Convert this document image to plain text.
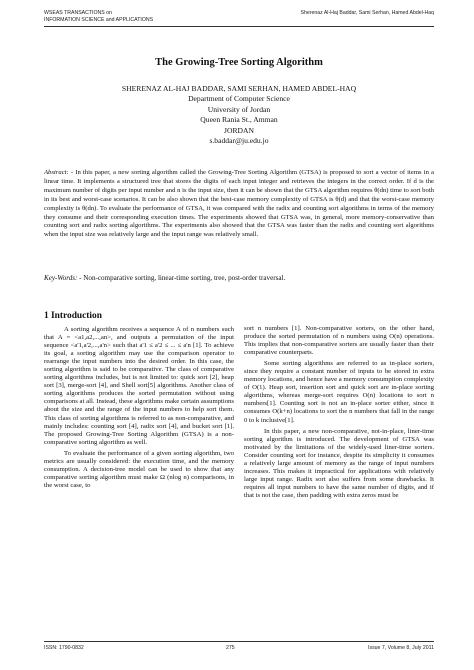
WSEAS TRANSACTIONS on
INFORMATION SCIENCE and APPLICATIONS
Sherenaz Al-Haj Baddar, Sami Serhan, Hamed Abdel-Haq
The Growing-Tree Sorting Algorithm
SHERENAZ AL-HAJ BADDAR, SAMI SERHAN, HAMED ABDEL-HAQ
Department of Computer Science
University of Jordan
Queen Rania St., Amman
JORDAN
s.baddar@ju.edu.jo
Abstract: - In this paper, a new sorting algorithm called the Growing-Tree Sorting Algorithm (GTSA) is proposed to sort a vector of items in a linear time. It implements a structured tree that stores the digits of each input integer and retrieves the integers in the correct order. If d is the maximum number of digits per input number and n is the input size, then it can be shown that the GTSA algorithm requires θ(dn) time to sort both in its best and worst-case scenarios. It can be also shown that the best-case memory complexity of GTSA is θ(d) and that the worst-case memory complexity is θ(dn). To evaluate the performance of GTSA, it was compared with the radix and counting sort algorithms in terms of the memory they consume and their corresponding execution times. The experiments showed that GTSA was, in general, more memory-conservative than counting sort and radix sorting algorithms. The experiments also showed that the GTSA was faster than the radix and counting sort algorithms when the input size was relatively large and the input range was relatively small.
Key-Words: - Non-comparative sorting, linear-time sorting, tree, post-order traversal.
1 Introduction

A sorting algorithm receives a sequence A of n numbers such that A = <a1,a2,...,an>, and outputs a permutation of the input sequence <a'1,a'2,...,a'n> such that a'1 ≤ a'2 ≤ ... ≤ a'n [1]. To achieve its goal, a sorting algorithm may use the comparison operator to rearrange the input numbers into the desired order. In this case, the sorting algorithm is said to be comparative. The class of comparative sorting algorithms includes, but is not limited to: quick sort [2], heap sort [3], merge-sort [4], and Shell sort[5] algorithms. Another class of sorting algorithms produces the sorted permutation without using comparisons at all. Instead, these algorithms make certain assumptions about the size and the range of the input numbers to help sort them. This class of sorting algorithms is referred to as non-comparative, and mainly includes: counting sort [4], radix sort [4], and bucket sort [1]. The proposed Growing-Tree Sorting Algorithm (GTSA) is a non-comparative sorting algorithm as well.

To evaluate the performance of a given sorting algorithm, two metrics are usually considered: the execution time, and the memory consumption. A decision-tree model can be used to show that any comparative sorting algorithm must make Ω (nlog n) comparisons, in the worst case, to

sort n numbers [1]. Non-comparative sorters, on the other hand, produce the sorted permutation of n numbers using O(n) operations. This implies that non-comparative sorters are usually faster than their comparative counterparts.

Some sorting algorithms are referred to as in-place sorters, since they require a constant number of inputs to be stored in extra memory locations, and hence have a memory consumption complexity of O(1). Heap sort, insertion sort and quick sort are in-place sorting algorithms, whereas merge-sort requires O(n) locations to sort n numbers[1]. Counting sort is not an in-place sorter either, since it consumes O(k+n) locations to sort the n numbers that fall in the range 0 to k inclusive[1].

In this paper, a new non-comparative, not-in-place, liner-time sorting algorithm is introduced. The development of GTSA was motivated by the limitations of the widely-used liner-time sorters. Consider counting sort for instance, despite its simplicity it consumes a relatively large amount of memory as the range of input numbers increases. This makes it impractical for applications with relatively large input range. Radix sort also suffers from some drawbacks. It requires all input numbers to have the same number of digits, and if that is not the case, then padding with extra zeros must be

ISSN: 1790-0832	275	Issue 7, Volume 8, July 2011
